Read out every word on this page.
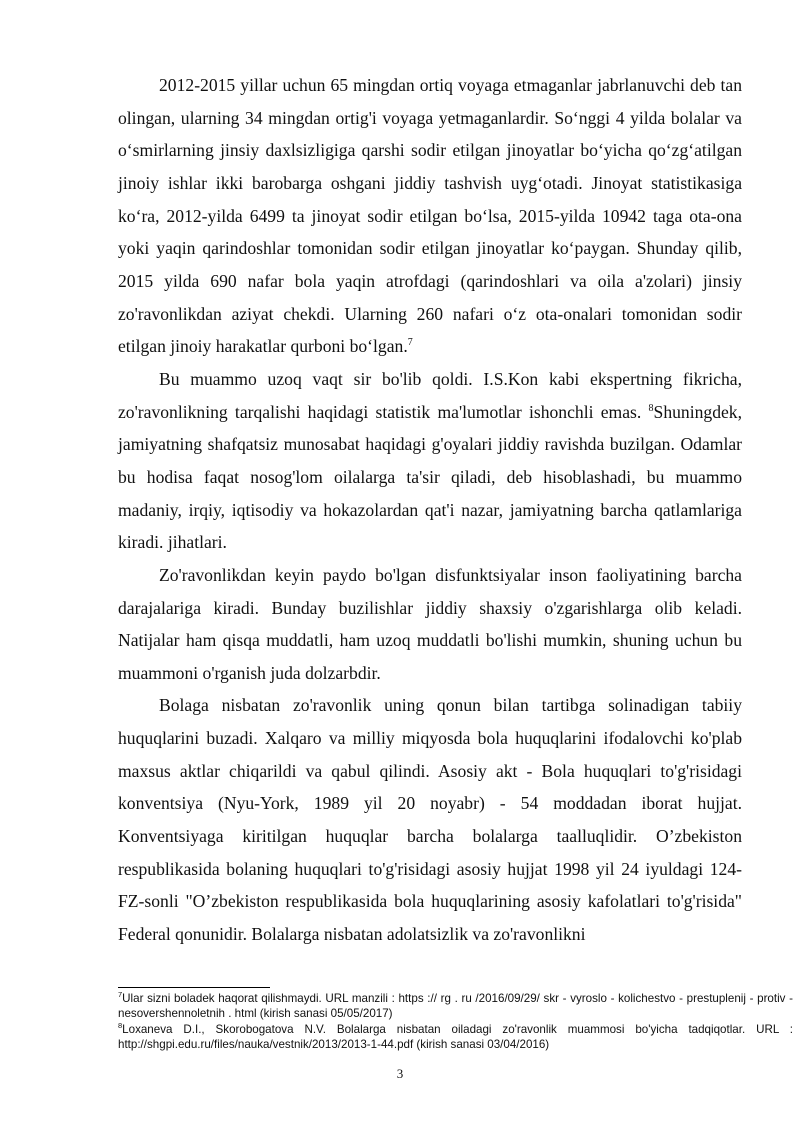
2012-2015 yillar uchun 65 mingdan ortiq voyaga etmaganlar jabrlanuvchi deb tan olingan, ularning 34 mingdan ortig'i voyaga yetmaganlardir. So‘nggi 4 yilda bolalar va o‘smirlarning jinsiy daxlsizligiga qarshi sodir etilgan jinoyatlar bo‘yicha qo‘zg‘atilgan jinoiy ishlar ikki barobarga oshgani jiddiy tashvish uyg‘otadi. Jinoyat statistikasiga ko‘ra, 2012-yilda 6499 ta jinoyat sodir etilgan bo‘lsa, 2015-yilda 10942 taga ota-ona yoki yaqin qarindoshlar tomonidan sodir etilgan jinoyatlar ko‘paygan. Shunday qilib, 2015 yilda 690 nafar bola yaqin atrofdagi (qarindoshlari va oila a'zolari) jinsiy zo'ravonlikdan aziyat chekdi. Ularning 260 nafari o‘z ota-onalari tomonidan sodir etilgan jinoiy harakatlar qurboni bo‘lgan.$^7$

Bu muammo uzoq vaqt sir bo'lib qoldi. I.S.Kon kabi ekspertning fikricha, zo'ravonlikning tarqalishi haqidagi statistik ma'lumotlar ishonchli emas. $^8$Shuningdek, jamiyatning shafqatsiz munosabat haqidagi g'oyalari jiddiy ravishda buzilgan. Odamlar bu hodisa faqat nosog'lom oilalarga ta'sir qiladi, deb hisoblashadi, bu muammo madaniy, irqiy, iqtisodiy va hokazolardan qat'i nazar, jamiyatning barcha qatlamlariga kiradi. jihatlari.

Zo'ravonlikdan keyin paydo bo'lgan disfunktsiyalar inson faoliyatining barcha darajalariga kiradi. Bunday buzilishlar jiddiy shaxsiy o'zgarishlarga olib keladi. Natijalar ham qisqa muddatli, ham uzoq muddatli bo'lishi mumkin, shuning uchun bu muammoni o'rganish juda dolzarbdir.

Bolaga nisbatan zo'ravonlik uning qonun bilan tartibga solinadigan tabiiy huquqlarini buzadi. Xalqaro va milliy miqyosda bola huquqlarini ifodalovchi ko'plab maxsus aktlar chiqarildi va qabul qilindi. Asosiy akt - Bola huquqlari to'g'risidagi konventsiya (Nyu-York, 1989 yil 20 noyabr) - 54 moddadan iborat hujjat. Konventsiyaga kiritilgan huquqlar barcha bolalarga taalluqlidir. O’zbekiston respublikasida bolaning huquqlari to'g'risidagi asosiy hujjat 1998 yil 24 iyuldagi 124-FZ-sonli "O’zbekiston respublikasida bola huquqlarining asosiy kafolatlari to'g'risida" Federal qonunidir. Bolalarga nisbatan adolatsizlik va zo'ravonlikni

$^7$Ular sizni boladek haqorat qilishmaydi. URL manzili : https :// rg . ru /2016/09/29/ skr - vyroslo - kolichestvo - prestuplenij - protiv - nesovershennoletnih . html (kirish sanasi 05/05/2017)

$^8$Loxaneva D.I., Skorobogatova N.V. Bolalarga nisbatan oiladagi zo'ravonlik muammosi bo'yicha tadqiqotlar. URL : http://shgpi.edu.ru/files/nauka/vestnik/2013/2013-1-44.pdf (kirish sanasi 03/04/2016)

3
